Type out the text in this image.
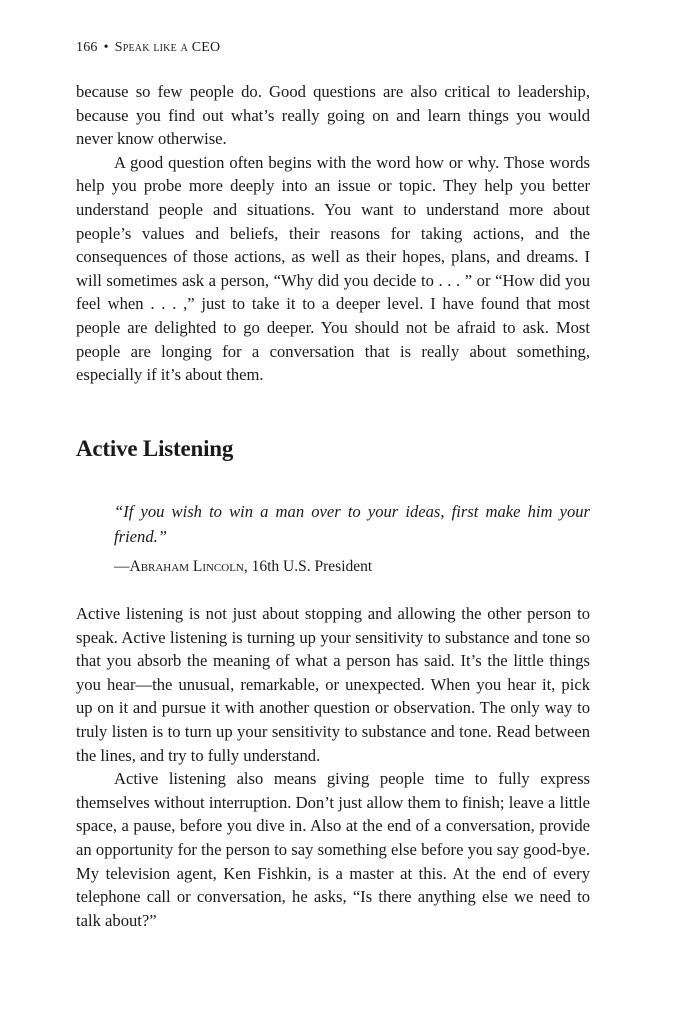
166 • Speak like a CEO

because so few people do. Good questions are also critical to leadership, because you find out what’s really going on and learn things you would never know otherwise.

A good question often begins with the word how or why. Those words help you probe more deeply into an issue or topic. They help you better understand people and situations. You want to understand more about people’s values and beliefs, their reasons for taking actions, and the consequences of those actions, as well as their hopes, plans, and dreams. I will sometimes ask a person, “Why did you decide to . . . ” or “How did you feel when . . . ,” just to take it to a deeper level. I have found that most people are delighted to go deeper. You should not be afraid to ask. Most people are longing for a conversation that is really about something, especially if it’s about them.

Active Listening

“If you wish to win a man over to your ideas, first make him your friend.”

—Abraham Lincoln, 16th U.S. President

Active listening is not just about stopping and allowing the other person to speak. Active listening is turning up your sensitivity to substance and tone so that you absorb the meaning of what a person has said. It’s the little things you hear—the unusual, remarkable, or unexpected. When you hear it, pick up on it and pursue it with another question or observation. The only way to truly listen is to turn up your sensitivity to substance and tone. Read between the lines, and try to fully understand.

Active listening also means giving people time to fully express themselves without interruption. Don’t just allow them to finish; leave a little space, a pause, before you dive in. Also at the end of a conversation, provide an opportunity for the person to say something else before you say good-bye. My television agent, Ken Fishkin, is a master at this. At the end of every telephone call or conversation, he asks, “Is there anything else we need to talk about?”
